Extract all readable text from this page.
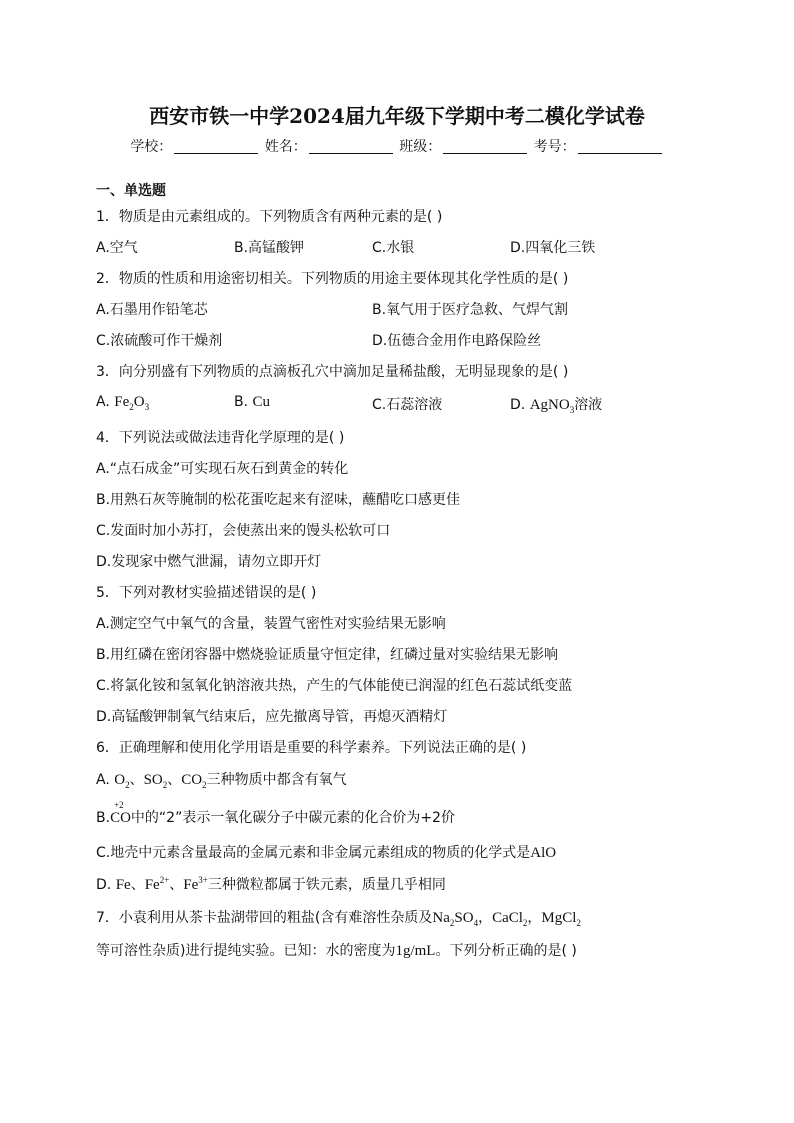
西安市铁一中学2024届九年级下学期中考二模化学试卷
学校：	姓名：	班级：	考号：
一、单选题
1．物质是由元素组成的。下列物质含有两种元素的是( )
A.空气	B.高锰酸钾	C.水银	D.四氧化三铁
2．物质的性质和用途密切相关。下列物质的用途主要体现其化学性质的是( )
A.石墨用作铅笔芯	B.氧气用于医疗急救、气焊气割
C.浓硫酸可作干燥剂	D.伍德合金用作电路保险丝
3．向分别盛有下列物质的点滴板孔穴中滴加足量稀盐酸，无明显现象的是( )
A. $Fe_2O_3$	B. Cu	C.石蕊溶液	D. AgNO$_3$溶液
4．下列说法或做法违背化学原理的是( )
A.“点石成金”可实现石灰石到黄金的转化
B.用熟石灰等腌制的松花蛋吃起来有涩味，蘸醋吃口感更佳
C.发面时加小苏打，会使蒸出来的馒头松软可口
D.发现家中燃气泄漏，请勿立即开灯
5．下列对教材实验描述错误的是( )
A.测定空气中氧气的含量，装置气密性对实验结果无影响
B.用红磷在密闭容器中燃烧验证质量守恒定律，红磷过量对实验结果无影响
C.将氯化铵和氢氧化钠溶液共热，产生的气体能使已润湿的红色石蕊试纸变蓝
D.高锰酸钾制氧气结束后，应先撤离导管，再熄灭酒精灯
6．正确理解和使用化学用语是重要的科学素养。下列说法正确的是( )
A. $O_2$、$SO_2$、$CO_2$三种物质中都含有氧气
B.
+2
CO中的“2”表示一氧化碳分子中碳元素的化合价为+2价
C.地壳中元素含量最高的金属元素和非金属元素组成的物质的化学式是AlO
D. Fe、$Fe^{2+}$、$Fe^{3+}$三种微粒都属于铁元素，质量几乎相同
7．小袁利用从茶卡盐湖带回的粗盐(含有难溶性杂质及$Na_2SO_4$，CaCl$_2$，MgCl$_2$
等可溶性杂质)进行提纯实验。已知：水的密度为1g/mL。下列分析正确的是( )
